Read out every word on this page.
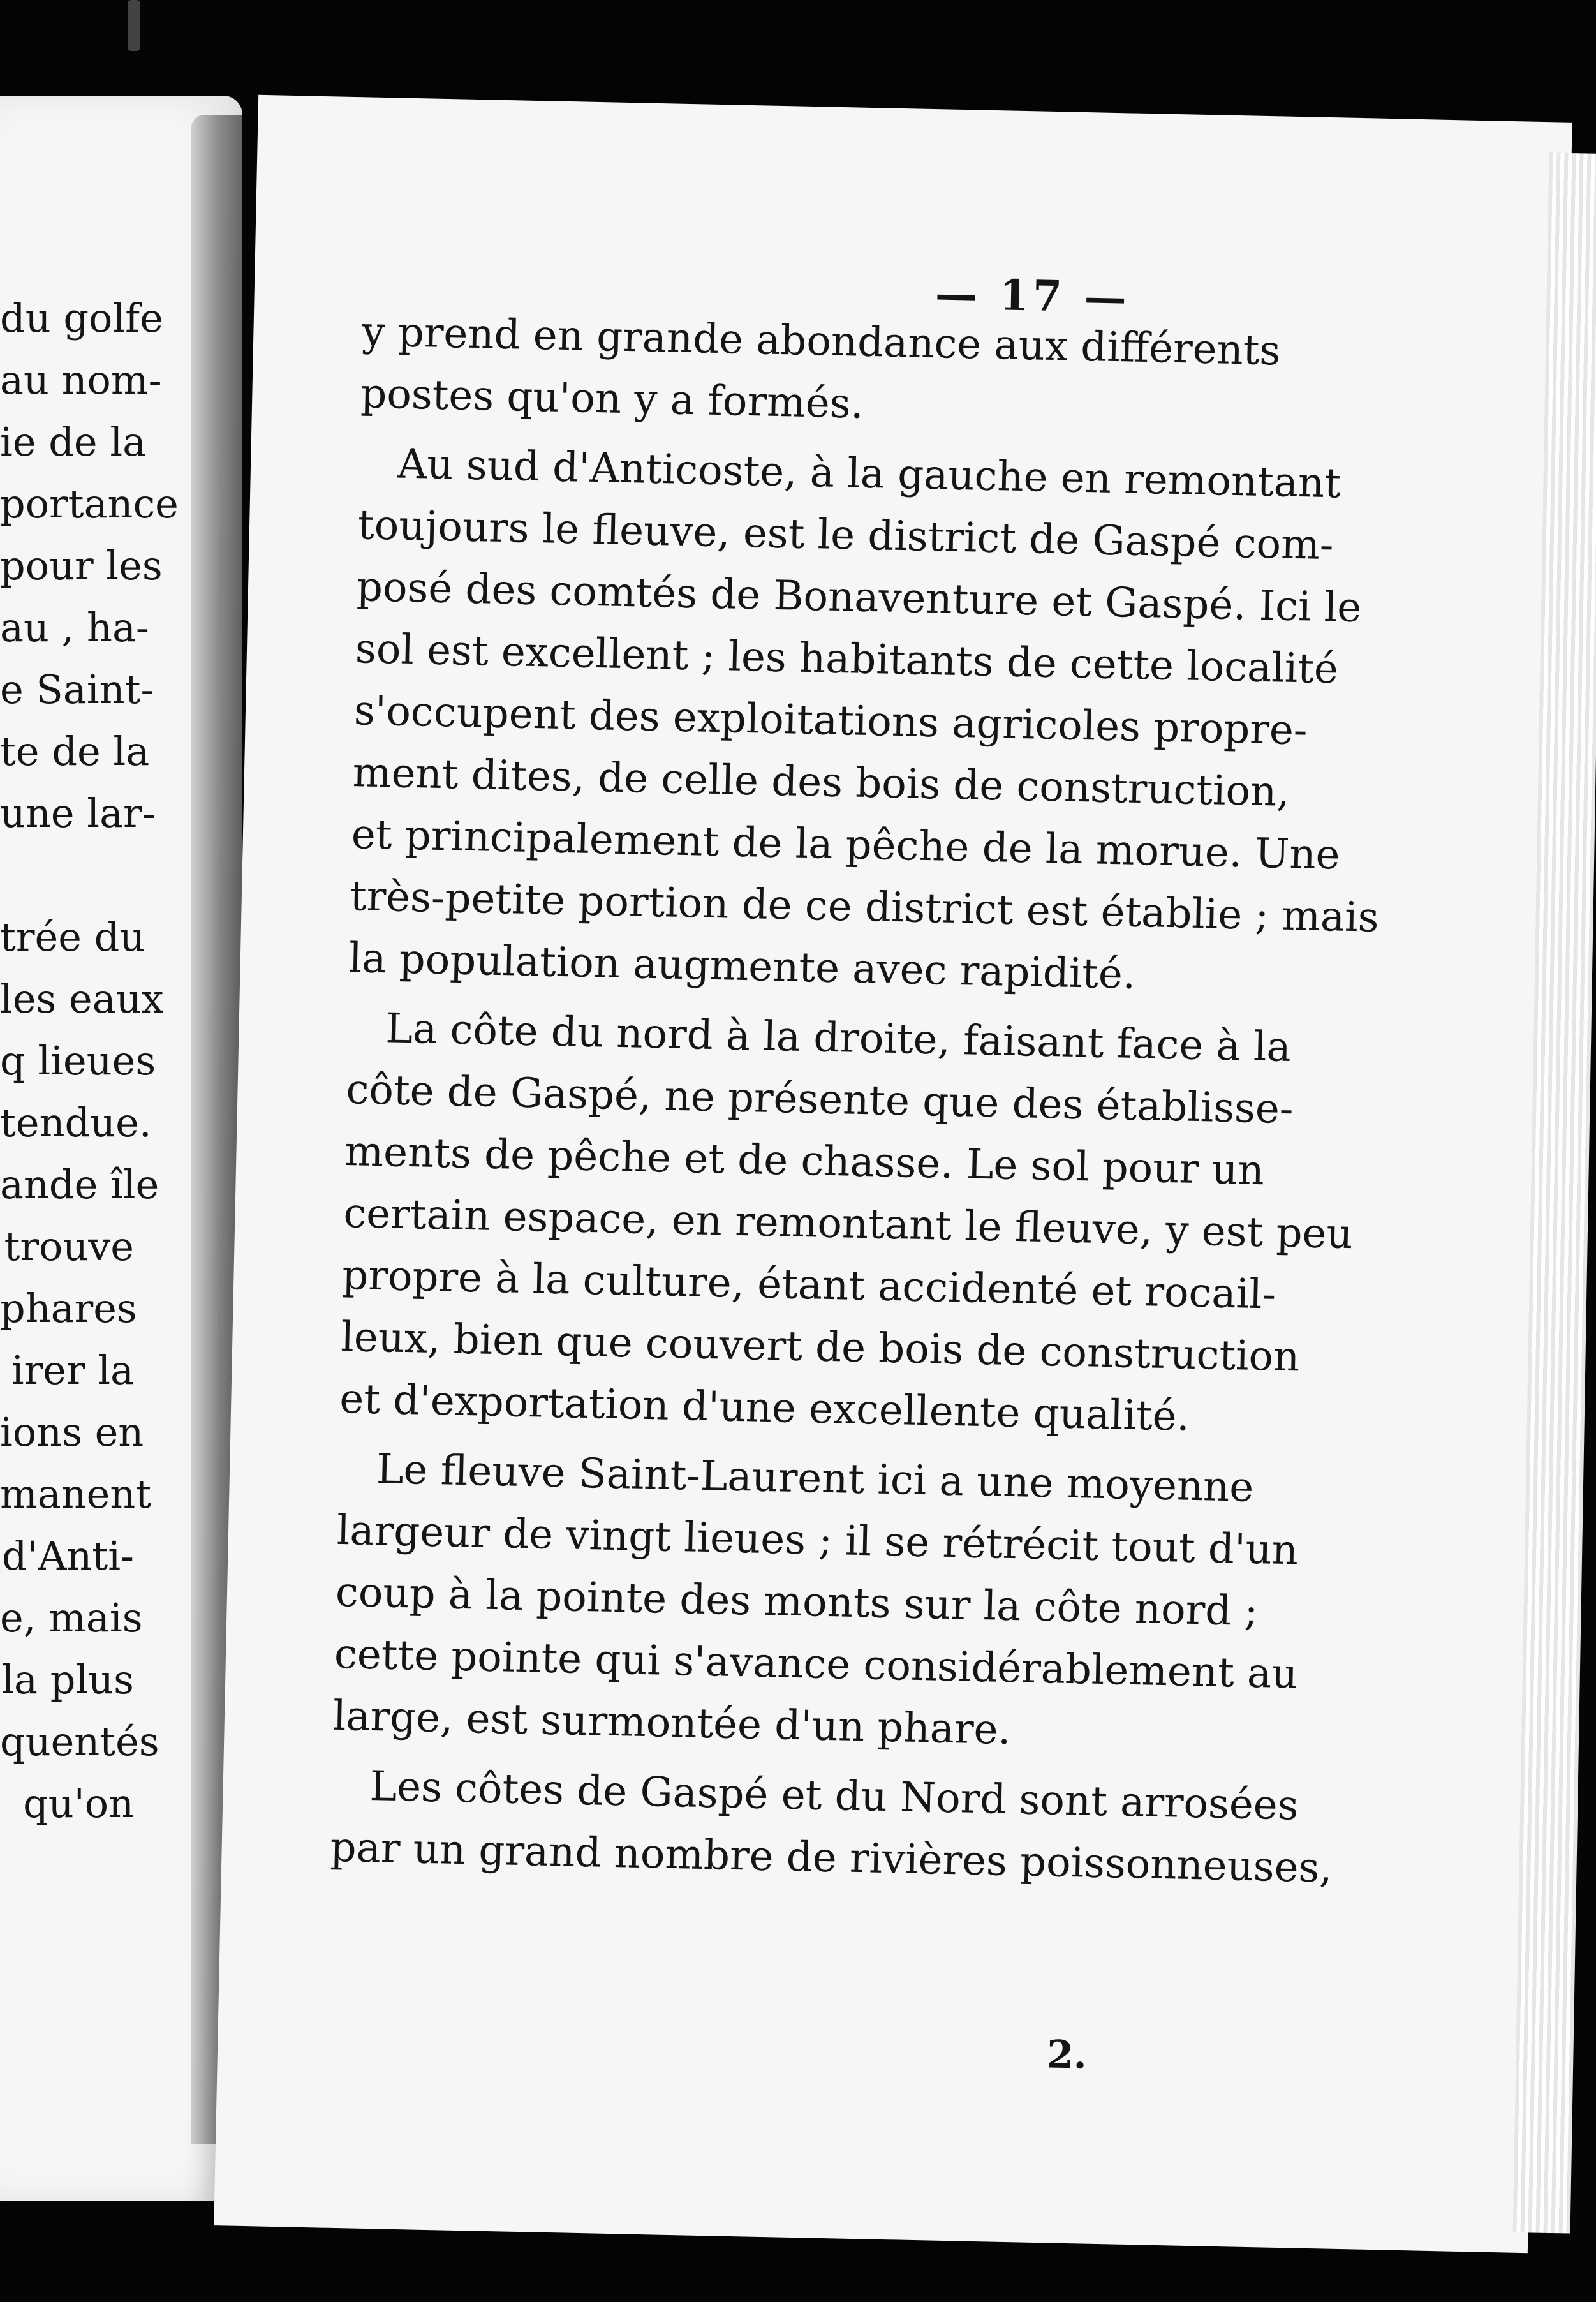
du golfe
au nom-
ie de la
portance
pour les
au , ha-
e Saint-
te de la
une lar-
trée du
les eaux
q lieues
tendue.
ande île
trouve
phares
irer la
ions en
manent
d'Anti-
e, mais
la plus
quentés
qu'on
— 17 —
y prend en grande abondance aux différents
postes qu'on y a formés.
Au sud d'Anticoste, à la gauche en remontant
toujours le fleuve, est le district de Gaspé com-
posé des comtés de Bonaventure et Gaspé. Ici le
sol est excellent ; les habitants de cette localité
s'occupent des exploitations agricoles propre-
ment dites, de celle des bois de construction,
et principalement de la pêche de la morue. Une
très-petite portion de ce district est établie ; mais
la population augmente avec rapidité.
La côte du nord à la droite, faisant face à la
côte de Gaspé, ne présente que des établisse-
ments de pêche et de chasse. Le sol pour un
certain espace, en remontant le fleuve, y est peu
propre à la culture, étant accidenté et rocail-
leux, bien que couvert de bois de construction
et d'exportation d'une excellente qualité.
Le fleuve Saint-Laurent ici a une moyenne
largeur de vingt lieues ; il se rétrécit tout d'un
coup à la pointe des monts sur la côte nord ;
cette pointe qui s'avance considérablement au
large, est surmontée d'un phare.
Les côtes de Gaspé et du Nord sont arrosées
par un grand nombre de rivières poissonneuses,
2.
